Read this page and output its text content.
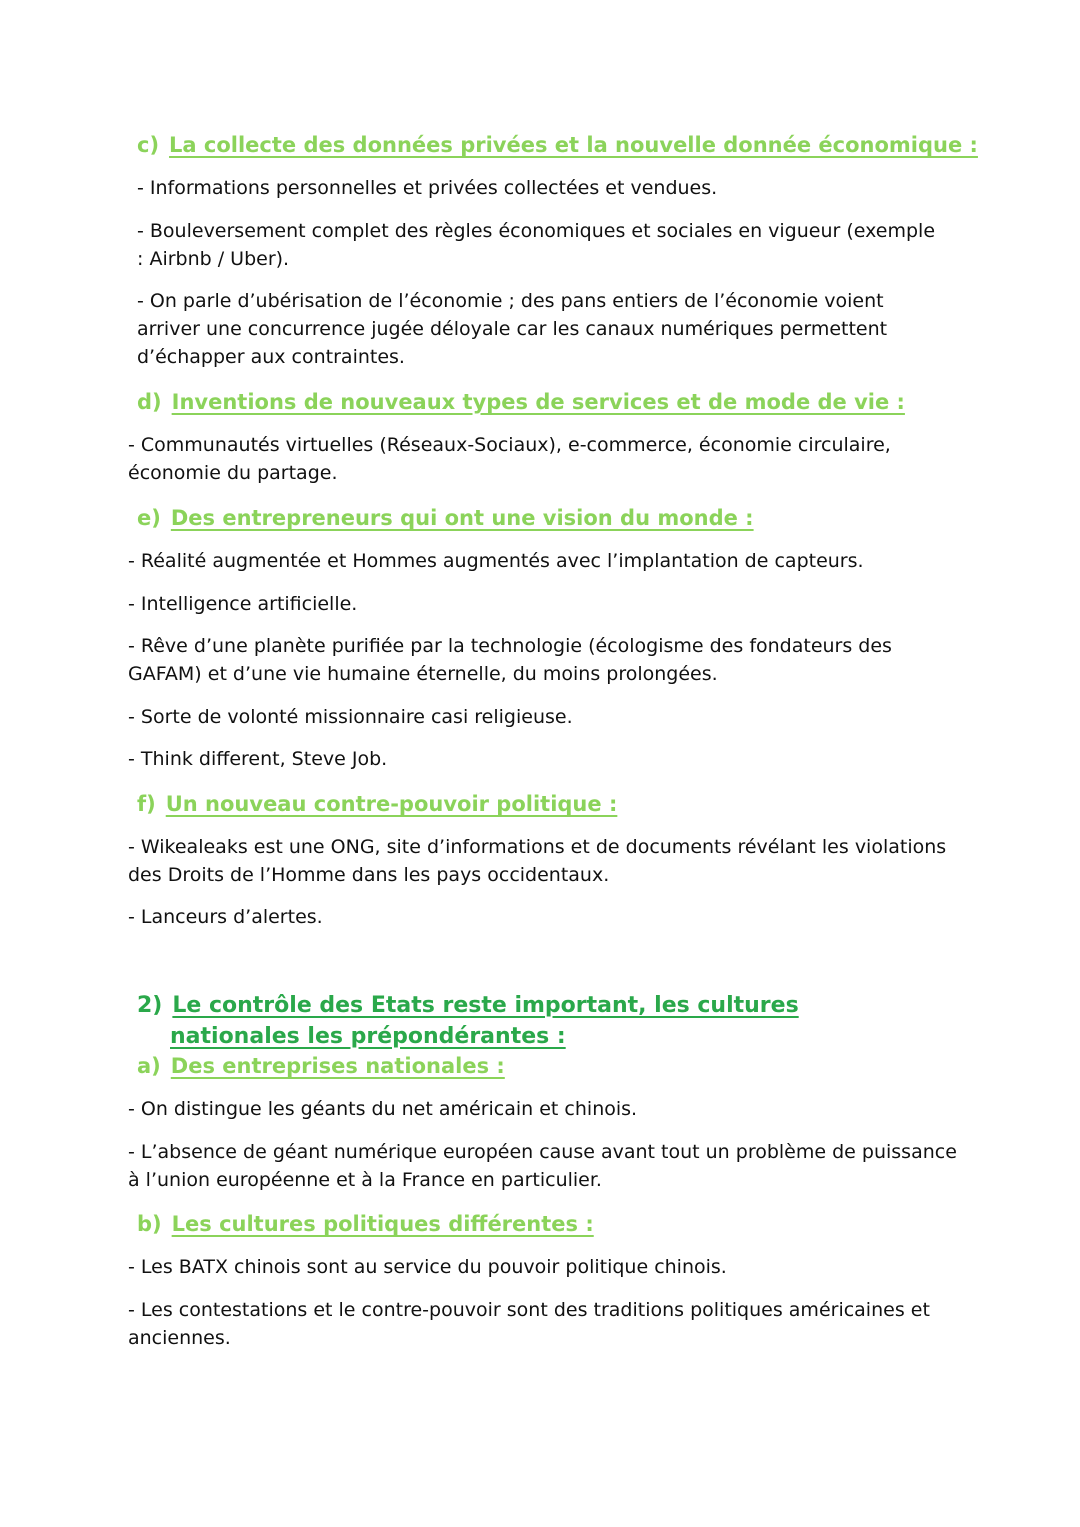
c) La collecte des données privées et la nouvelle donnée économique :
- Informations personnelles et privées collectées et vendues.
- Bouleversement complet des règles économiques et sociales en vigueur (exemple : Airbnb / Uber).
- On parle d’ubérisation de l’économie ; des pans entiers de l’économie voient arriver une concurrence jugée déloyale car les canaux numériques permettent d’échapper aux contraintes.
d) Inventions de nouveaux types de services et de mode de vie :
- Communautés virtuelles (Réseaux-Sociaux), e-commerce, économie circulaire, économie du partage.
e) Des entrepreneurs qui ont une vision du monde :
- Réalité augmentée et Hommes augmentés avec l’implantation de capteurs.
- Intelligence artificielle.
- Rêve d’une planète purifiée par la technologie (écologisme des fondateurs des GAFAM) et d’une vie humaine éternelle, du moins prolongées.
- Sorte de volonté missionnaire casi religieuse.
- Think different, Steve Job.
f) Un nouveau contre-pouvoir politique :
- Wikealeaks est une ONG, site d’informations et de documents révélant les violations des Droits de l’Homme dans les pays occidentaux.
- Lanceurs d’alertes.
2) Le contrôle des Etats reste important, les cultures nationales les prépondérantes :
a) Des entreprises nationales :
- On distingue les géants du net américain et chinois.
- L’absence de géant numérique européen cause avant tout un problème de puissance à l’union européenne et à la France en particulier.
b) Les cultures politiques différentes :
- Les BATX chinois sont au service du pouvoir politique chinois.
- Les contestations et le contre-pouvoir sont des traditions politiques américaines et anciennes.
